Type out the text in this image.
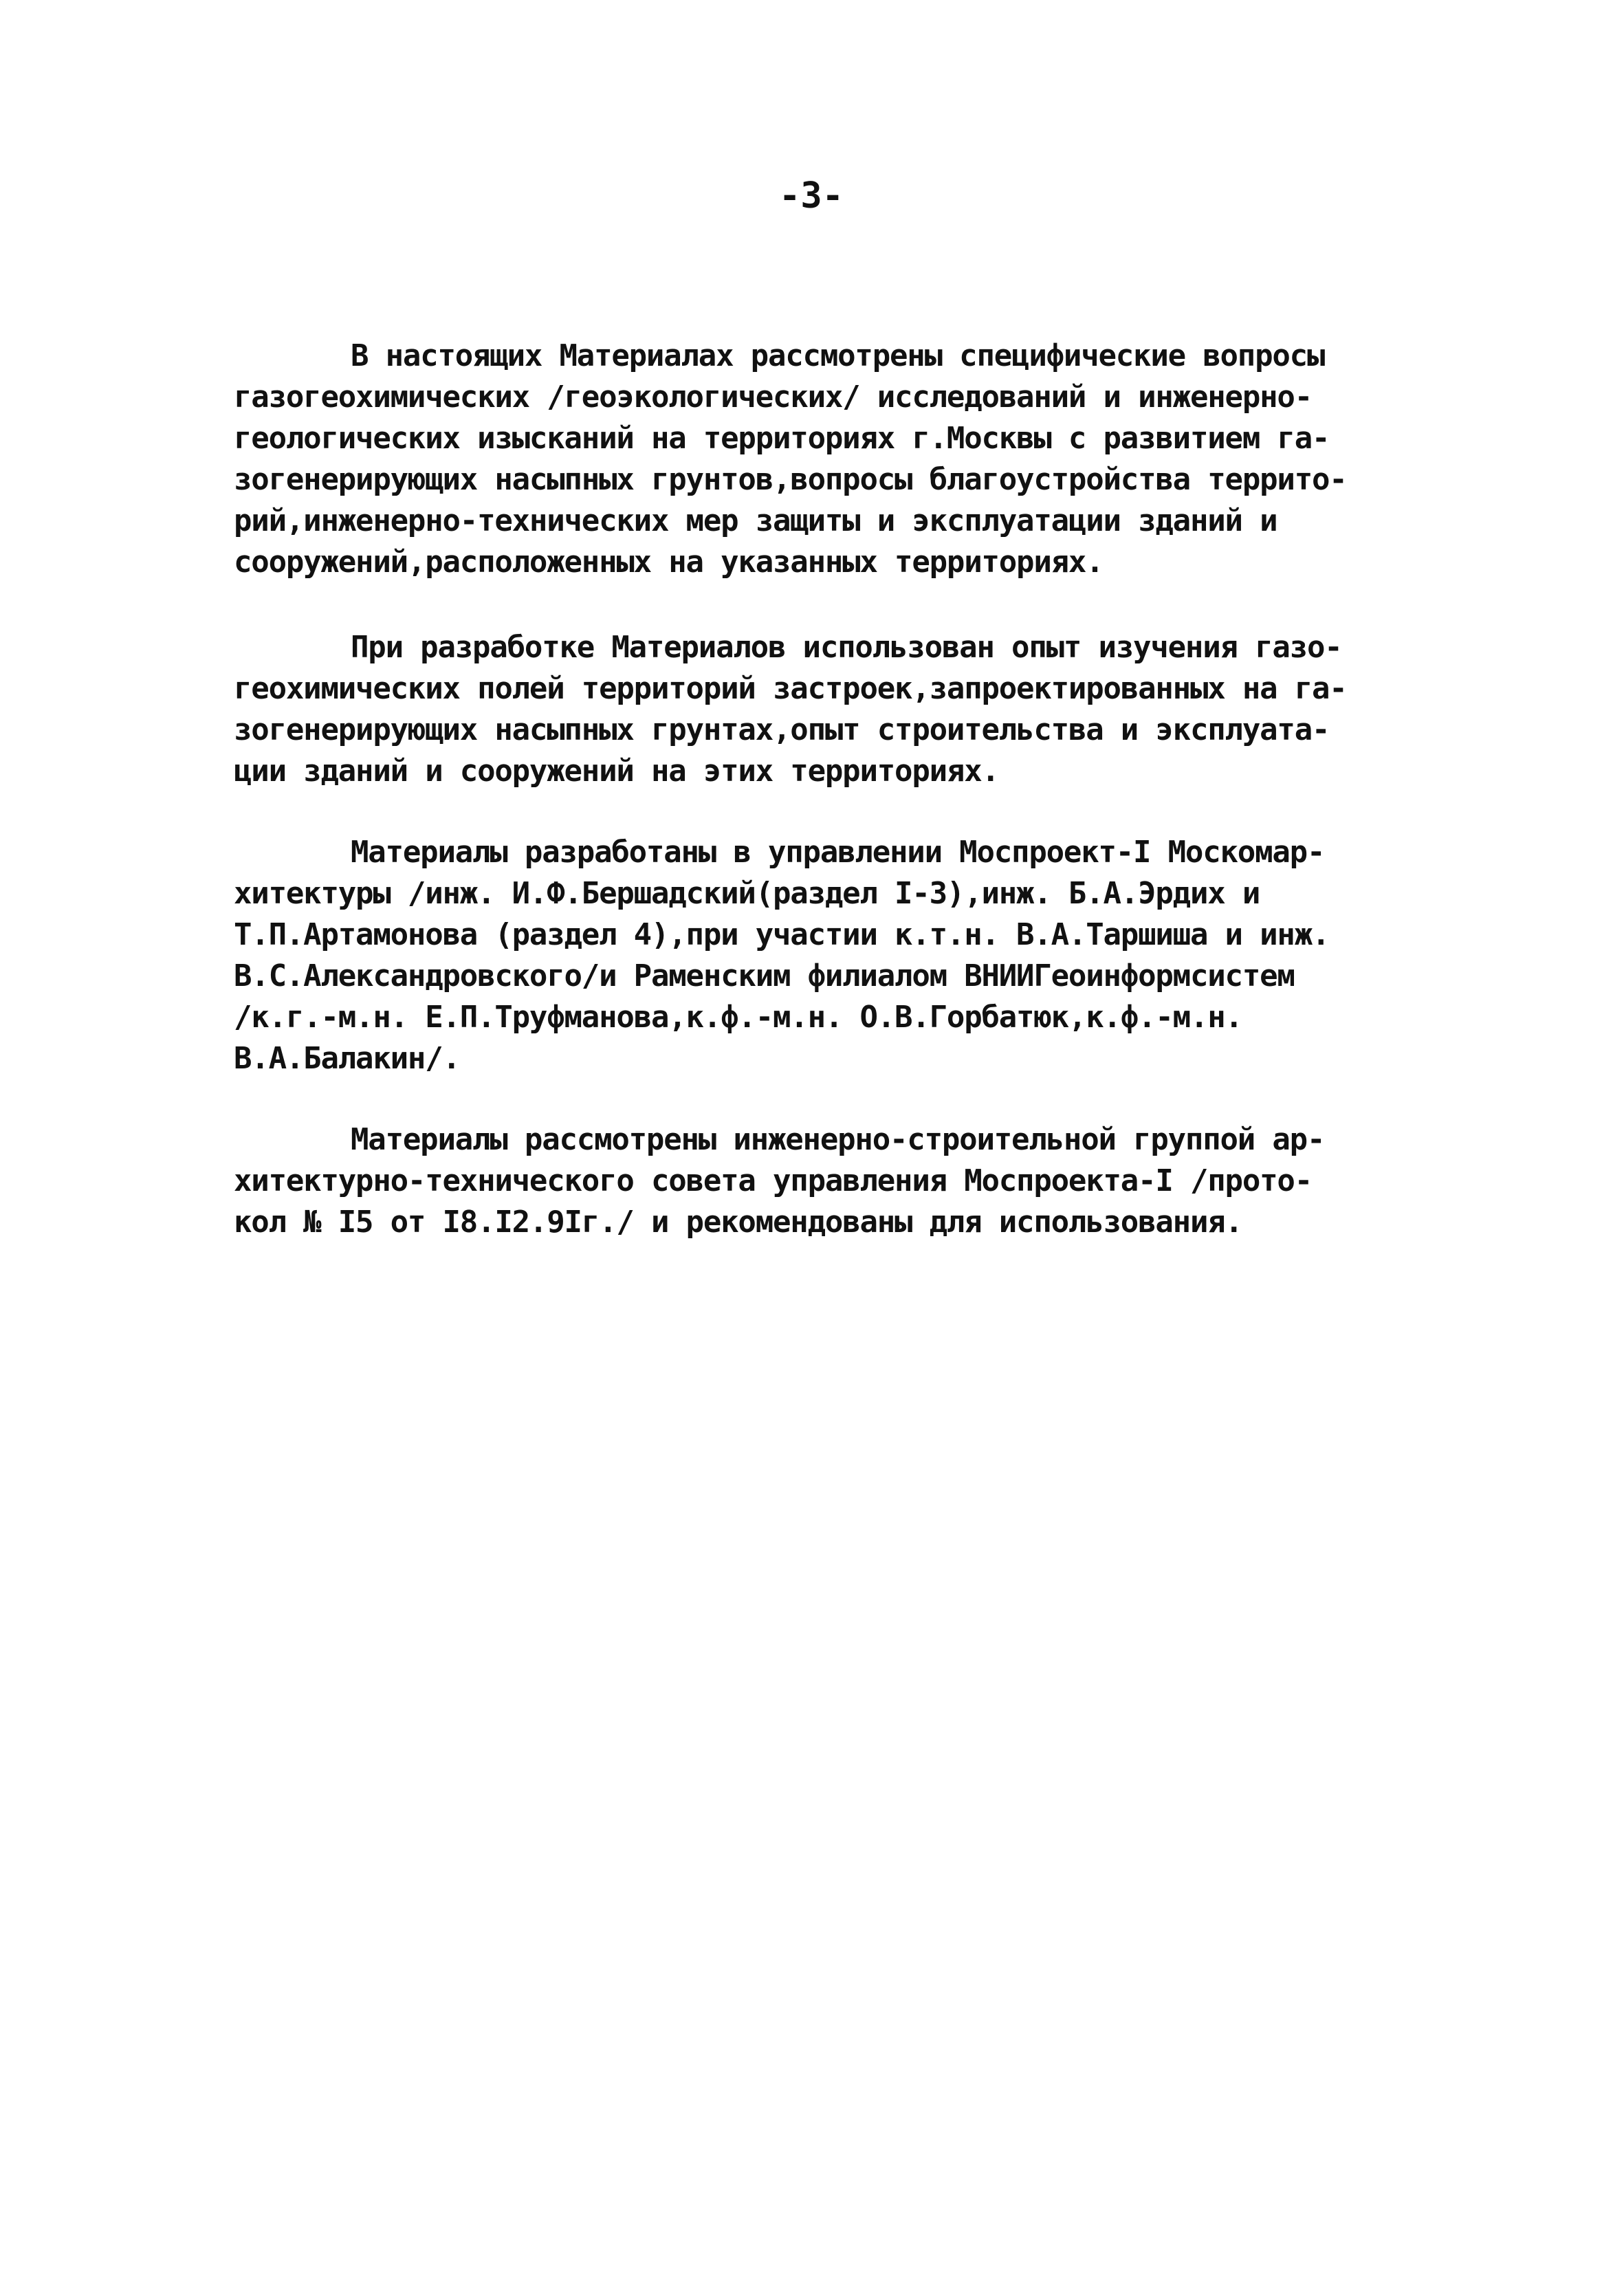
-3-

В настоящих Материалах рассмотрены специфические вопросы
газогеохимических /геоэкологических/ исследований и инженерно-
геологических изысканий на территориях г.Москвы с развитием га-
зогенерирующих насыпных грунтов,вопросы благоустройства террито-
рий,инженерно-технических мер защиты и эксплуатации зданий и
сооружений,расположенных на указанных территориях.

При разработке Материалов использован опыт изучения газо-
геохимических полей территорий застроек,запроектированных на га-
зогенерирующих насыпных грунтах,опыт строительства и эксплуата-
ции зданий и сооружений на этих территориях.

Материалы разработаны в управлении Моспроект-I Москомар-
хитектуры /инж. И.Ф.Бершадский(раздел I-3),инж. Б.А.Эрдих и
Т.П.Артамонова (раздел 4),при участии к.т.н. В.А.Таршиша и инж.
В.С.Александровского/и Раменским филиалом ВНИИГеоинформсистем
/к.г.-м.н. Е.П.Труфманова,к.ф.-м.н. О.В.Горбатюк,к.ф.-м.н.
В.А.Балакин/.

Материалы рассмотрены инженерно-строительной группой ар-
хитектурно-технического совета управления Моспроекта-I /прото-
кол № I5 от I8.I2.9Iг./ и рекомендованы для использования.
